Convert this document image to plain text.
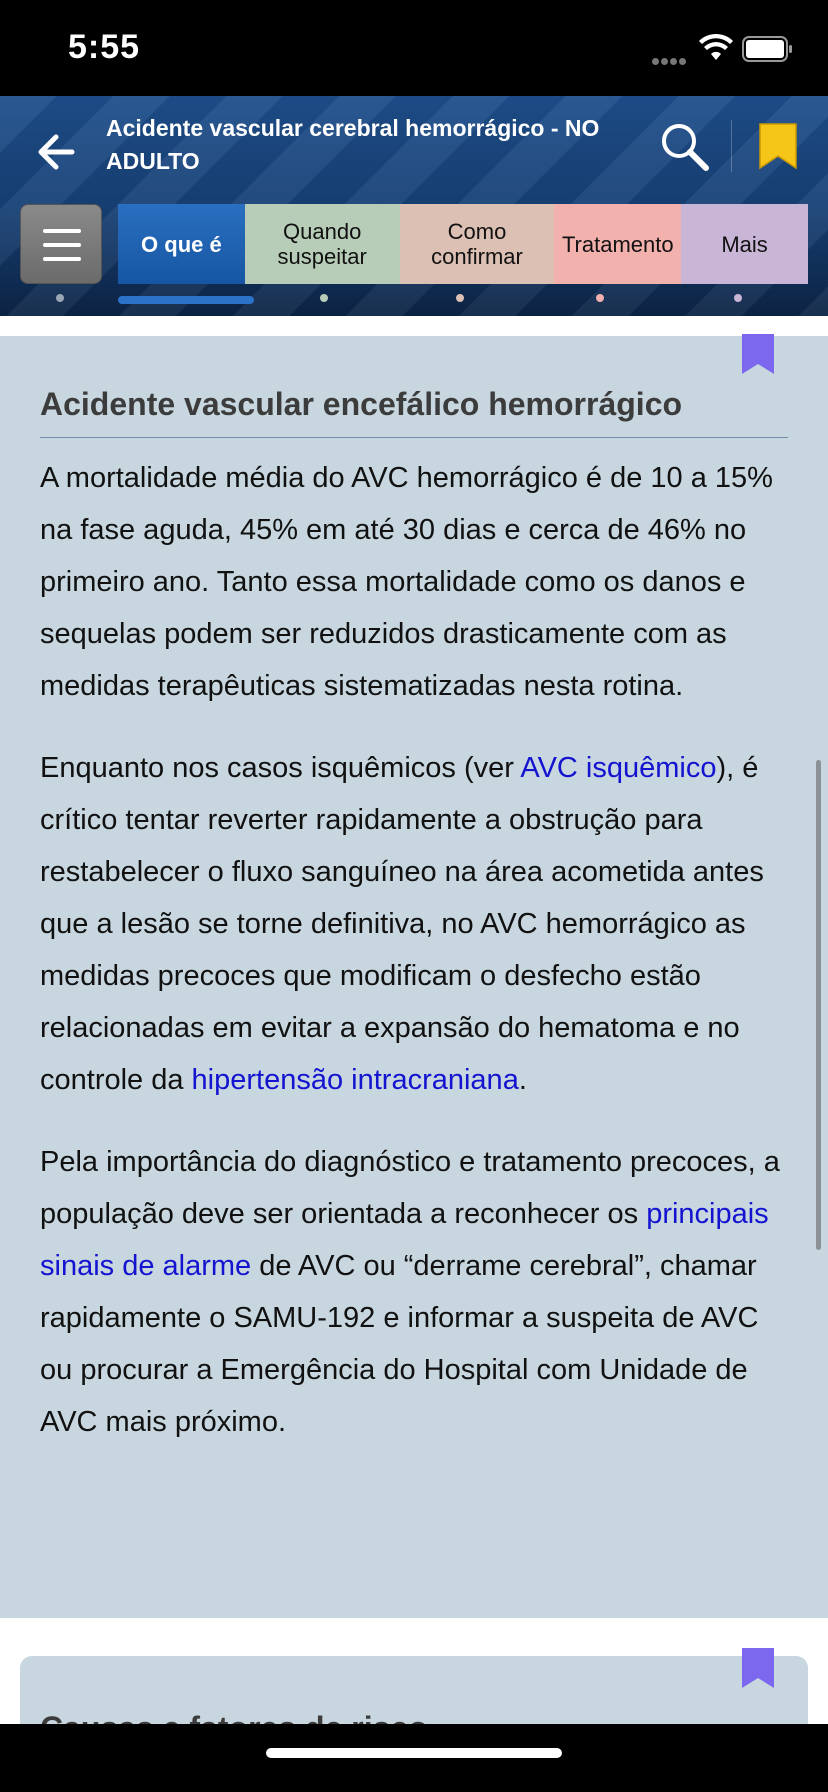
5:55
Acidente vascular cerebral hemorrágico - NO ADULTO
O que é	Quando suspeitar
Como confirmar	Tratamento	Mais
Acidente vascular encefálico hemorrágico

A mortalidade média do AVC hemorrágico é de 10 a 15% na fase aguda, 45% em até 30 dias e cerca de 46% no primeiro ano. Tanto essa mortalidade como os danos e sequelas podem ser reduzidos drasticamente com as medidas terapêuticas sistematizadas nesta rotina.

Enquanto nos casos isquêmicos (ver AVC isquêmico), é crítico tentar reverter rapidamente a obstrução para restabelecer o fluxo sanguíneo na área acometida antes que a lesão se torne definitiva, no AVC hemorrágico as medidas precoces que modificam o desfecho estão relacionadas em evitar a expansão do hematoma e no controle da hipertensão intracraniana.

Pela importância do diagnóstico e tratamento precoces, a população deve ser orientada a reconhecer os principais sinais de alarme de AVC ou “derrame cerebral”, chamar rapidamente o SAMU-192 e informar a suspeita de AVC ou procurar a Emergência do Hospital com Unidade de AVC mais próximo.
